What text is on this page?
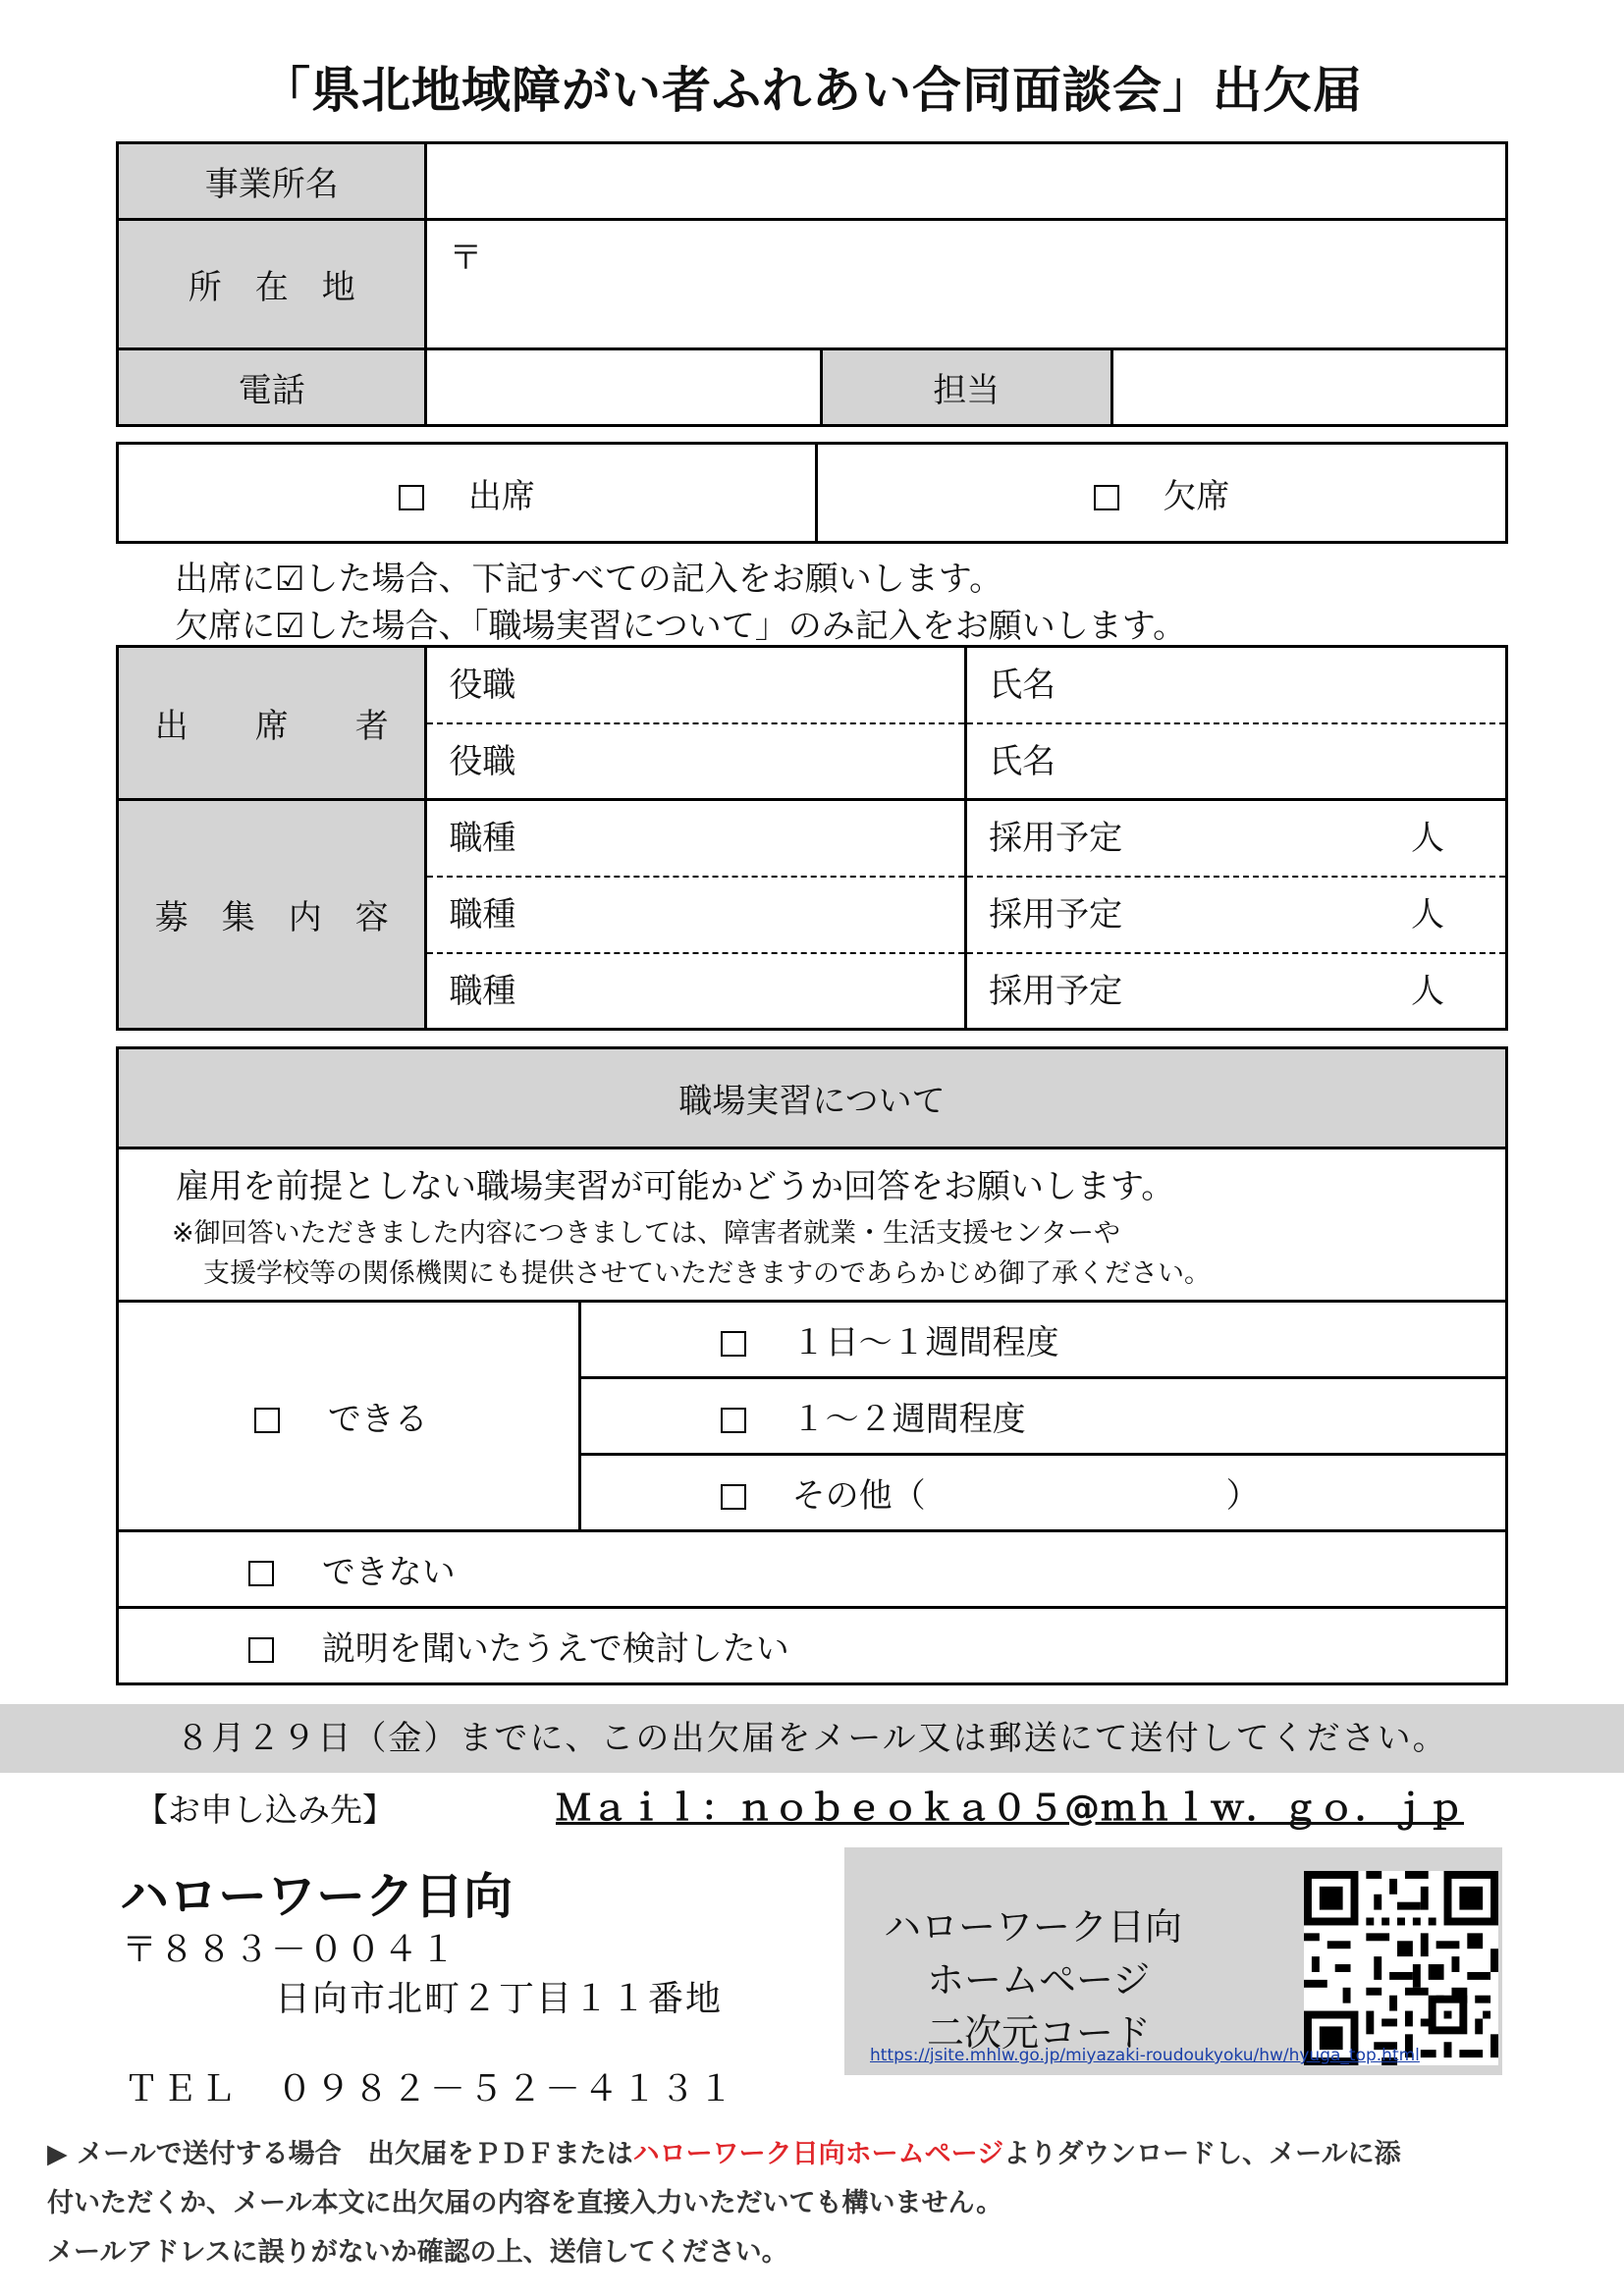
「県北地域障がい者ふれあい合同面談会」出欠届
事業所名			
所　在　地	〒		
電話		担当	
出席	欠席
出席に☑した場合、下記すべての記入をお願いします。
欠席に☑した場合、「職場実習について」のみ記入をお願いします。
出　　席　　者	役職	氏名
	役職	氏名
募　集　内　容	職種	採用予定 人

	職種	採用予定 人

	職種	採用予定 人
職場実習について

雇用を前提としない職場実習が可能かどうか回答をお願いします。
※御回答いただきました内容につきましては、障害者就業・生活支援センターや
支援学校等の関係機関にも提供させていただきますのであらかじめ御了承ください。

できる	１日～１週間程度
１～２週間程度
その他（　　　　　　　　　）
できない
説明を聞いたうえで検討したい
８月２９日（金）までに、この出欠届をメール又は郵送にて送付してください。
【お申し込み先】	Ｍａｉｌ：ｎｏｂｅｏｋａ０５@ｍｈｌｗ．ｇｏ．ｊｐ
ハローワーク日向
〒８８３－００４１
日向市北町２丁目１１番地
ＴＥＬ　０９８２－５２－４１３１
ハローワーク日向
ホームページ
二次元コード
https://jsite.mhlw.go.jp/miyazaki-roudoukyoku/hw/hyuga_top.html
▶ メールで送付する場合　出欠届をＰＤＦまたはハローワーク日向ホームページよりダウンロードし、メールに添
付いただくか、メール本文に出欠届の内容を直接入力いただいても構いません。
メールアドレスに誤りがないか確認の上、送信してください。
